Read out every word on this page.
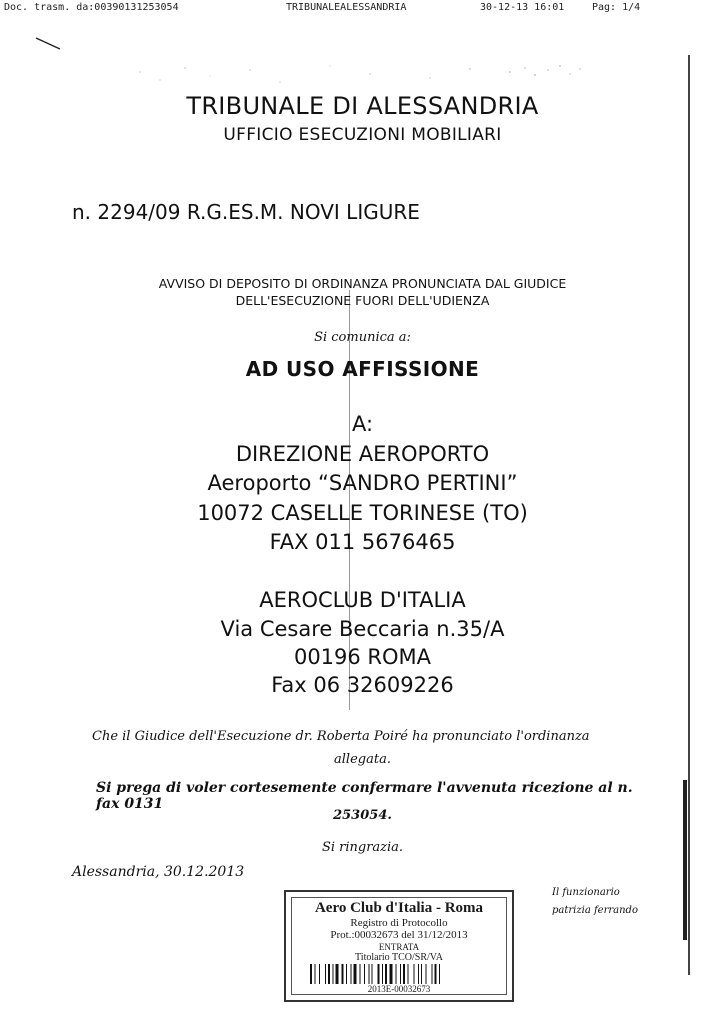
Doc. trasm. da:00390131253054	TRIBUNALEALESSANDRIA	30-12-13 16:01	Pag: 1/4
TRIBUNALE DI ALESSANDRIA
UFFICIO ESECUZIONI MOBILIARI
n. 2294/09 R.G.ES.M. NOVI LIGURE
AVVISO DI DEPOSITO DI ORDINANZA PRONUNCIATA DAL GIUDICE
DELL'ESECUZIONE FUORI DELL'UDIENZA
Si comunica a:
AD USO AFFISSIONE
A:
DIREZIONE AEROPORTO
Aeroporto “SANDRO PERTINI”
10072 CASELLE TORINESE (TO)
FAX 011 5676465
AEROCLUB D'ITALIA
Via Cesare Beccaria n.35/A
00196 ROMA
Fax 06 32609226
Che il Giudice dell'Esecuzione dr. Roberta Poiré ha pronunciato l'ordinanza
allegata.
Si prega di voler cortesemente confermare l'avvenuta ricezione al n. fax 0131
253054.
Si ringrazia.
Alessandria, 30.12.2013
Aero Club d'Italia - Roma
Registro di Protocollo
Prot.:00032673 del 31/12/2013
ENTRATA
Titolario TCO/SR/VA
2013E-00032673
Il funzionario
patrizia ferrando
